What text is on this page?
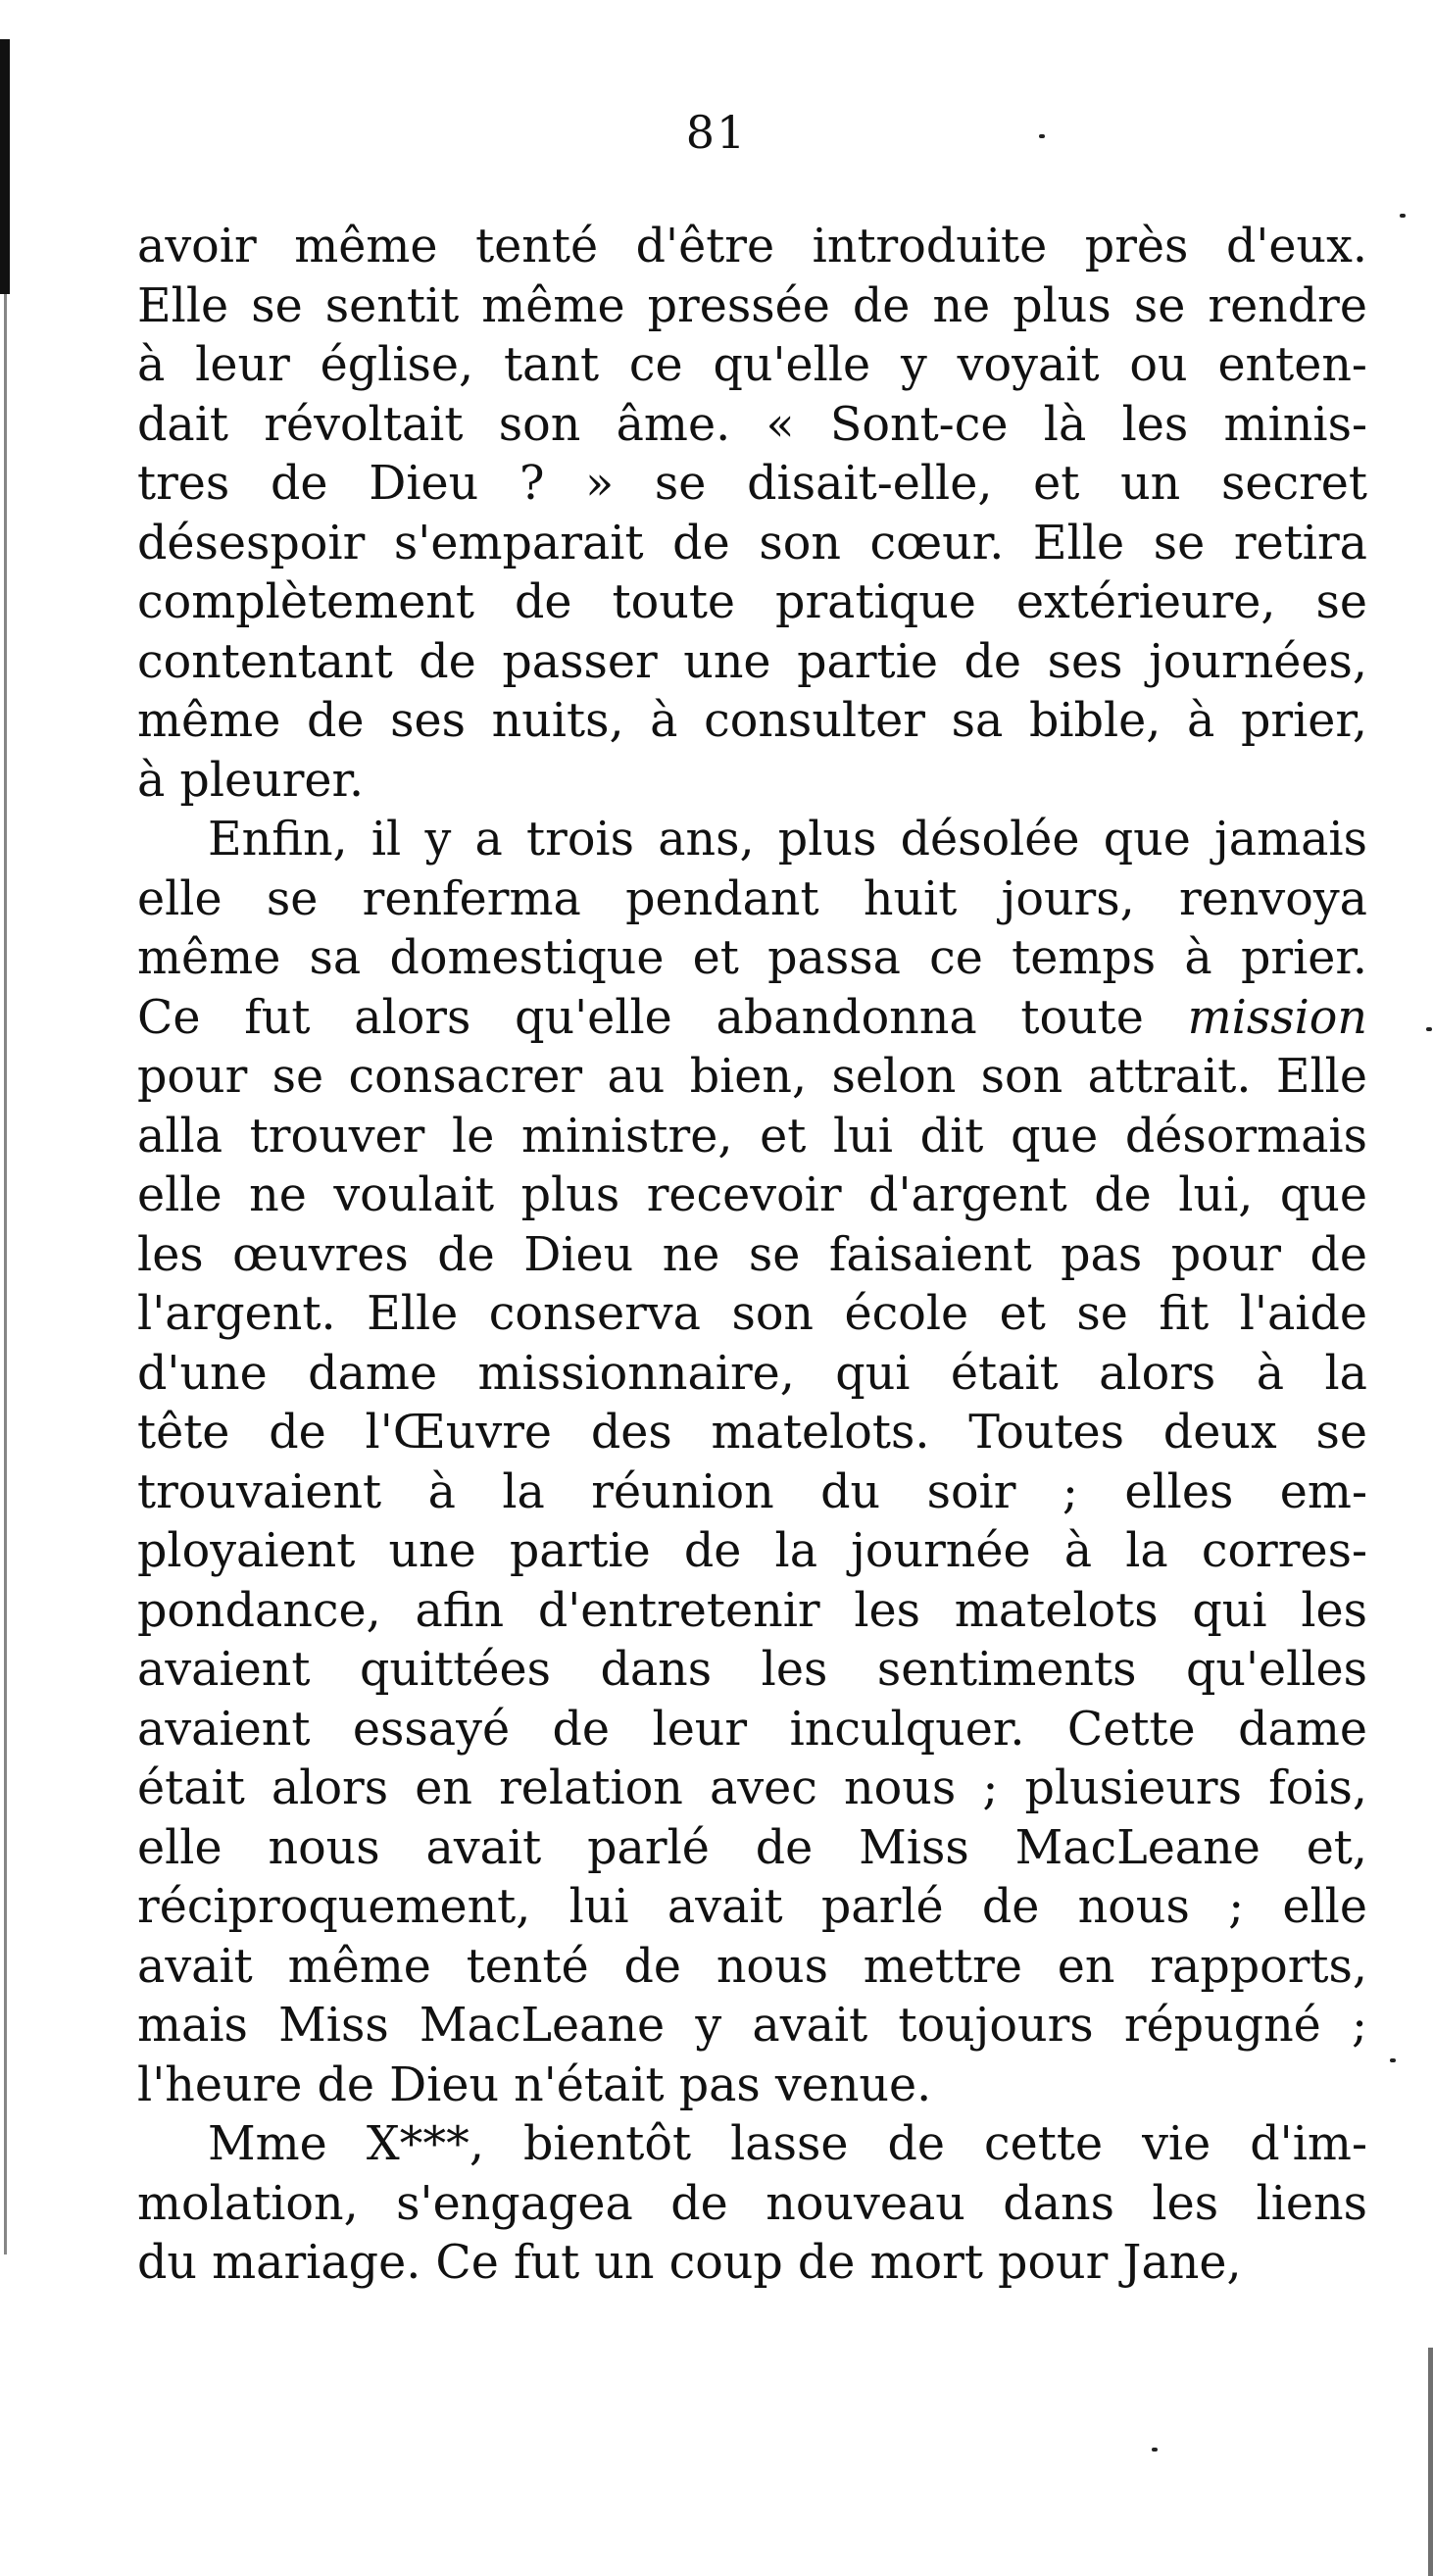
81
avoir même tenté d'être introduite près d'eux.
Elle se sentit même pressée de ne plus se rendre
à leur église, tant ce qu'elle y voyait ou enten-
dait révoltait son âme. « Sont-ce là les minis-
tres de Dieu ? » se disait-elle, et un secret
désespoir s'emparait de son cœur. Elle se retira
complètement de toute pratique extérieure, se
contentant de passer une partie de ses journées,
même de ses nuits, à consulter sa bible, à prier,
à pleurer.
Enfin, il y a trois ans, plus désolée que jamais
elle se renferma pendant huit jours, renvoya
même sa domestique et passa ce temps à prier.
Ce fut alors qu'elle abandonna toute mission
pour se consacrer au bien, selon son attrait. Elle
alla trouver le ministre, et lui dit que désormais
elle ne voulait plus recevoir d'argent de lui, que
les œuvres de Dieu ne se faisaient pas pour de
l'argent. Elle conserva son école et se fit l'aide
d'une dame missionnaire, qui était alors à la
tête de l'Œuvre des matelots. Toutes deux se
trouvaient à la réunion du soir ; elles em-
ployaient une partie de la journée à la corres-
pondance, afin d'entretenir les matelots qui les
avaient quittées dans les sentiments qu'elles
avaient essayé de leur inculquer. Cette dame
était alors en relation avec nous ; plusieurs fois,
elle nous avait parlé de Miss MacLeane et,
réciproquement, lui avait parlé de nous ; elle
avait même tenté de nous mettre en rapports,
mais Miss MacLeane y avait toujours répugné ;
l'heure de Dieu n'était pas venue.
Mme X***, bientôt lasse de cette vie d'im-
molation, s'engagea de nouveau dans les liens
du mariage. Ce fut un coup de mort pour Jane,
